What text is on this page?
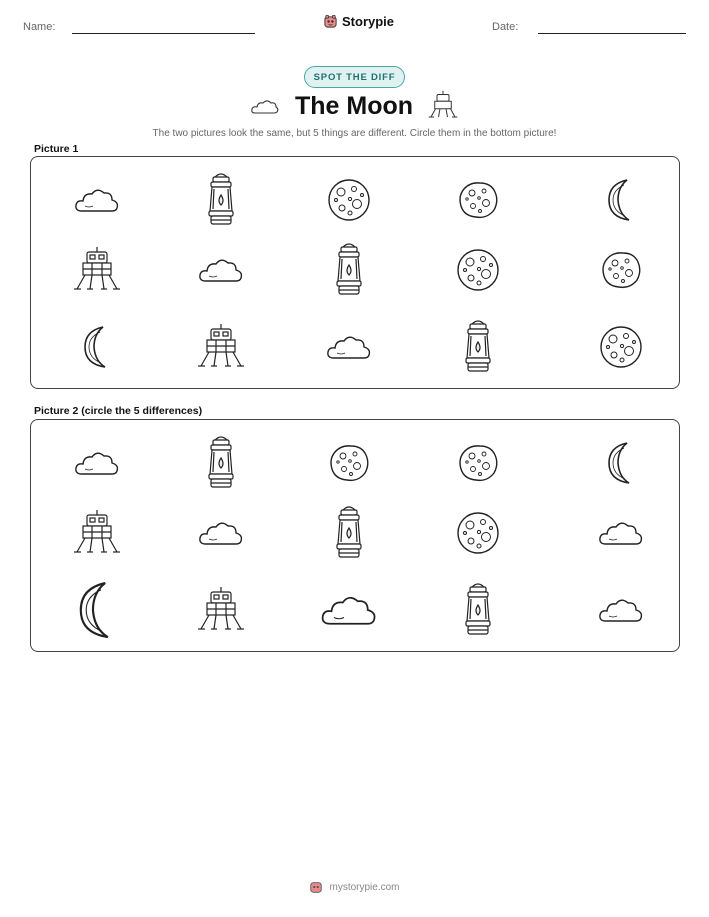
Name:	Storypie	Date:
SPOT THE DIFF
The Moon
The two pictures look the same, but 5 things are different. Circle them in the bottom picture!
Picture 1
Picture 2 (circle the 5 differences)
mystorypie.com
